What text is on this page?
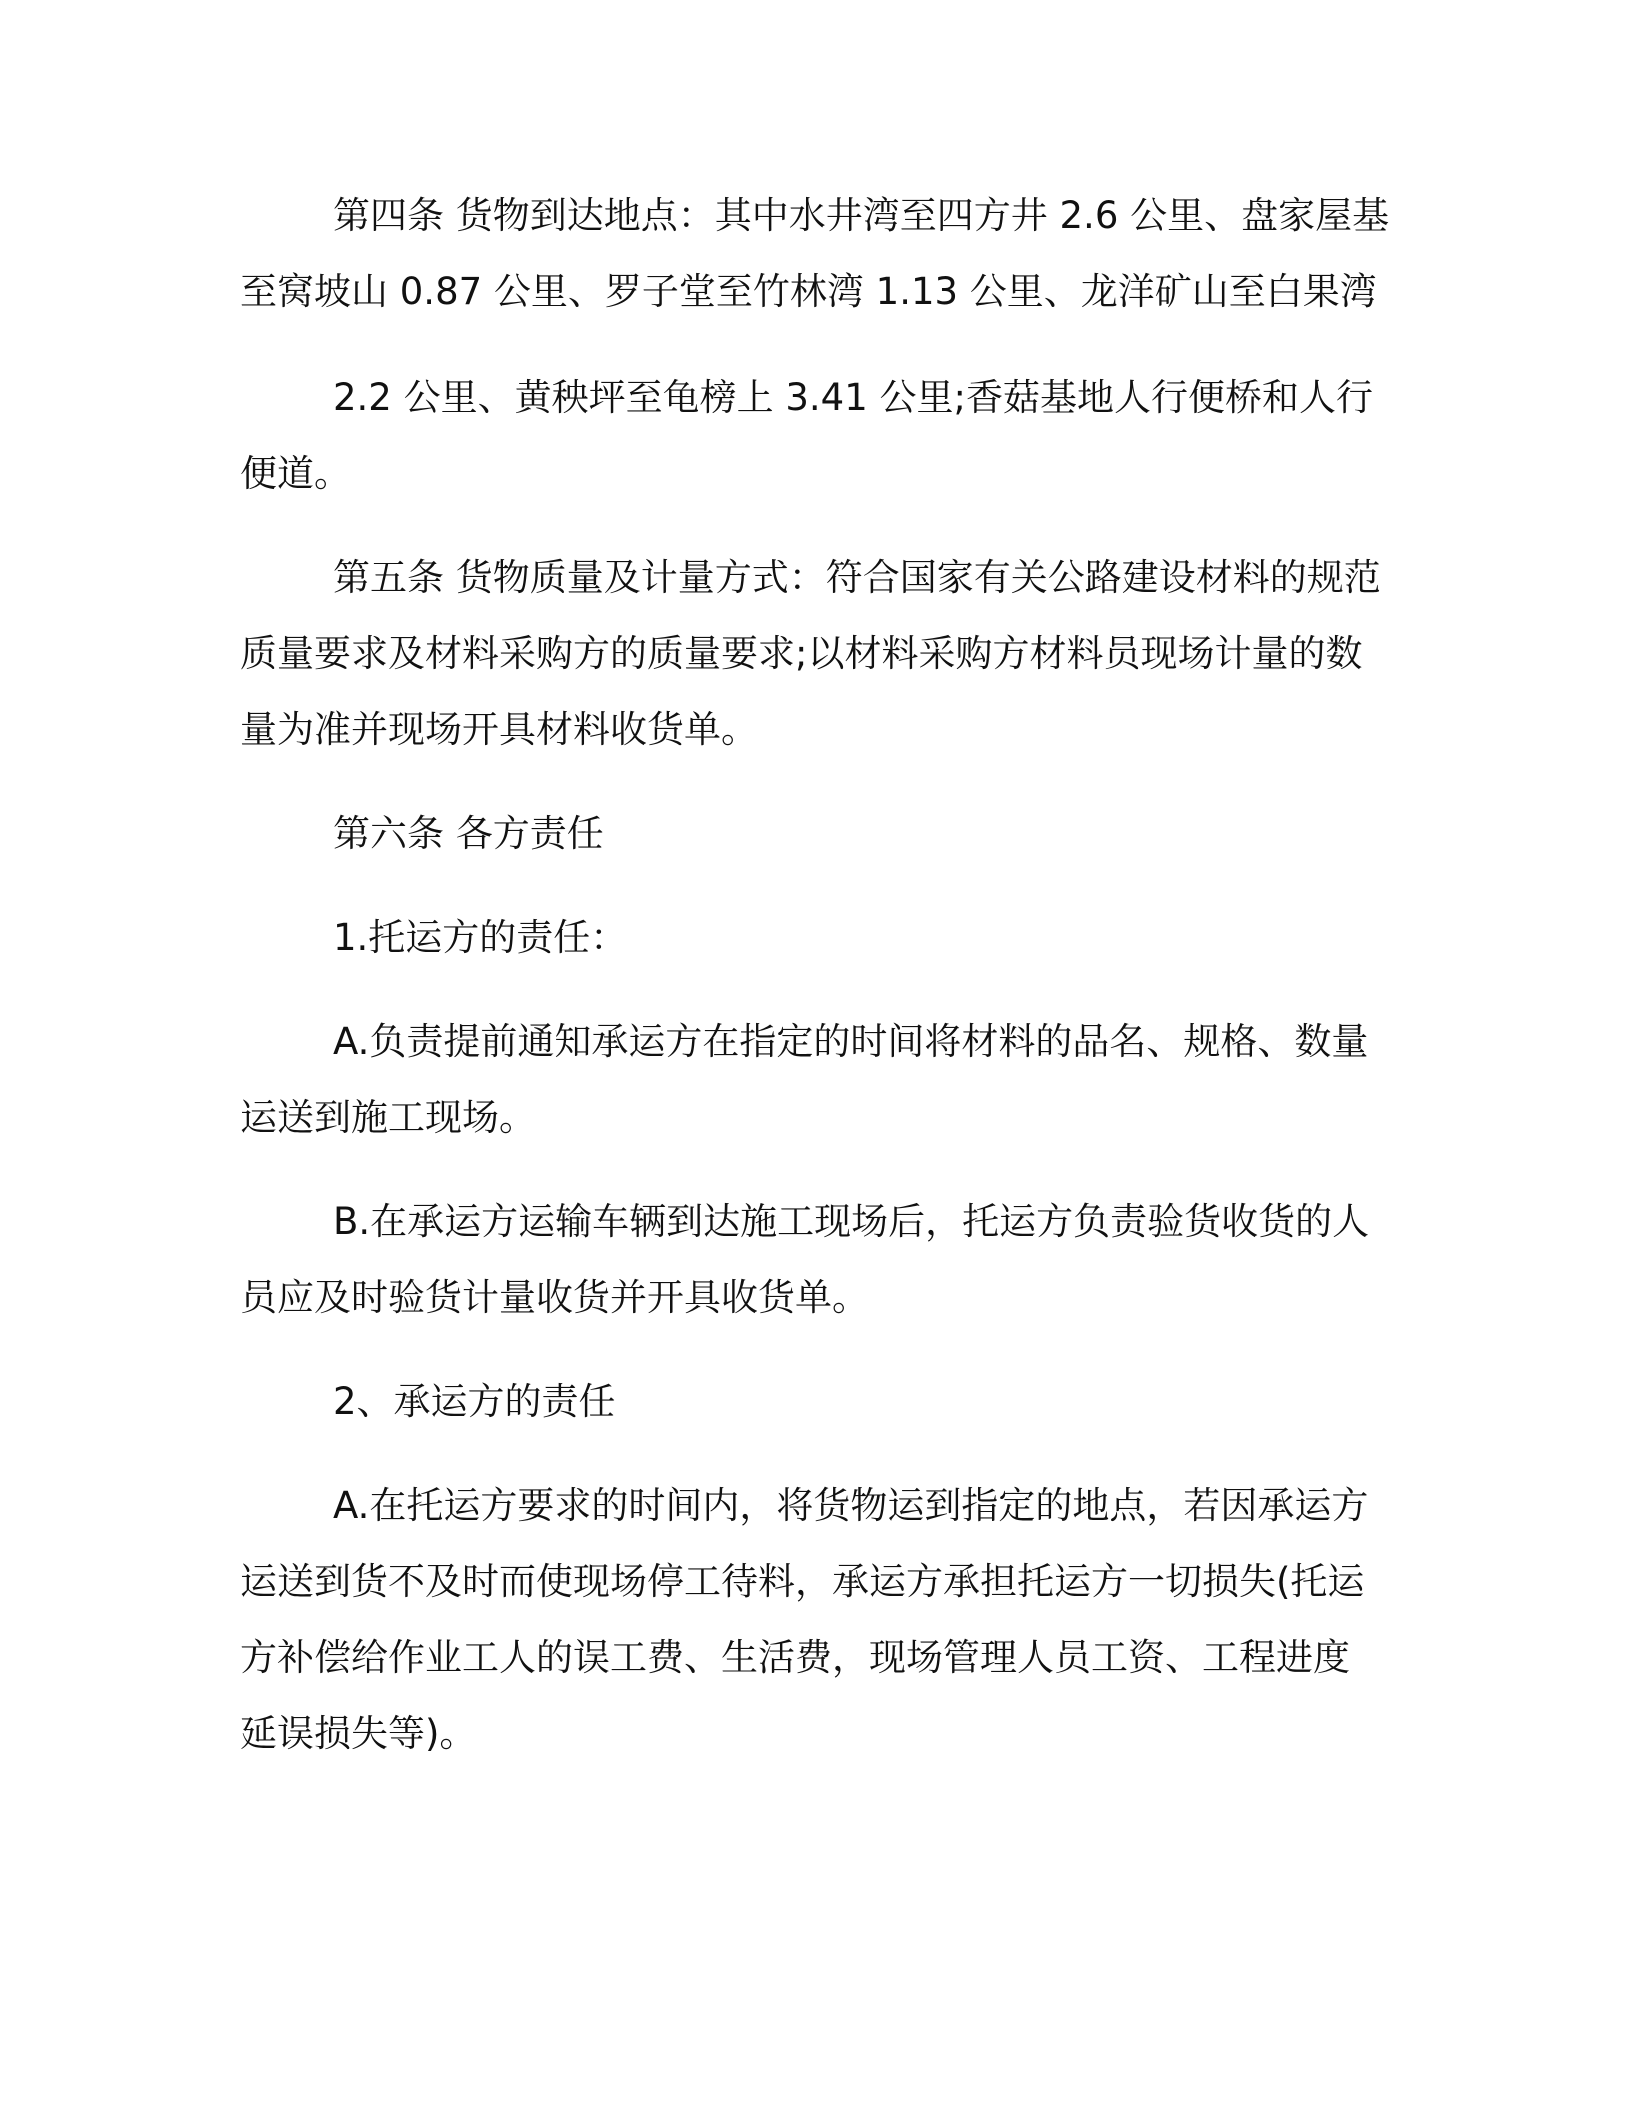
第四条 货物到达地点：其中水井湾至四方井 2.6 公里、盘家屋基

至窝坡山 0.87 公里、罗子堂至竹林湾 1.13 公里、龙洋矿山至白果湾

2.2 公里、黄秧坪至龟榜上 3.41 公里;香菇基地人行便桥和人行

便道。

第五条 货物质量及计量方式：符合国家有关公路建设材料的规范

质量要求及材料采购方的质量要求;以材料采购方材料员现场计量的数

量为准并现场开具材料收货单。

第六条 各方责任

1.托运方的责任：

A.负责提前通知承运方在指定的时间将材料的品名、规格、数量

运送到施工现场。

B.在承运方运输车辆到达施工现场后，托运方负责验货收货的人

员应及时验货计量收货并开具收货单。

2、承运方的责任

A.在托运方要求的时间内，将货物运到指定的地点，若因承运方

运送到货不及时而使现场停工待料，承运方承担托运方一切损失(托运

方补偿给作业工人的误工费、生活费，现场管理人员工资、工程进度

延误损失等)。
